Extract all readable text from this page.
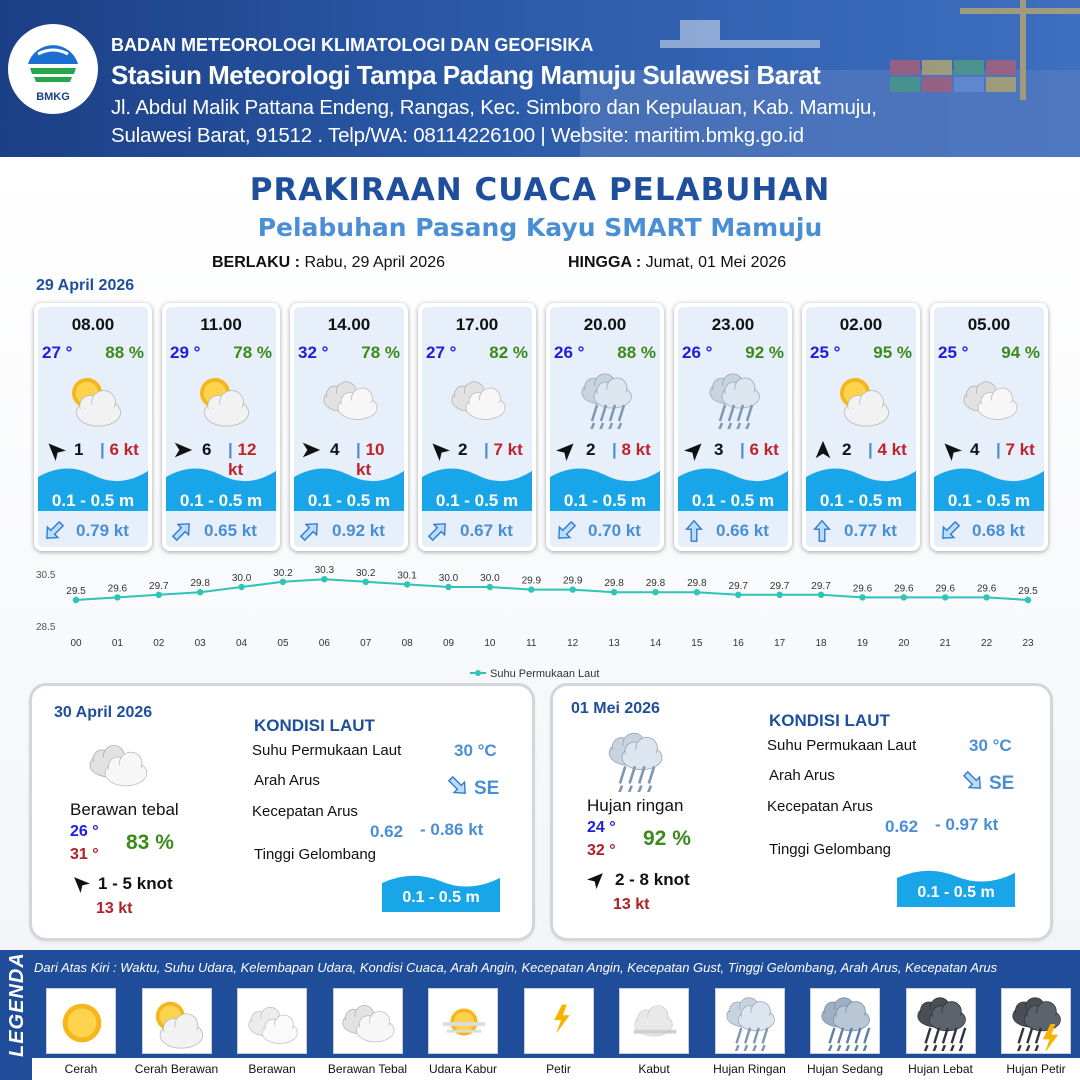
BMKG
BADAN METEOROLOGI KLIMATOLOGI DAN GEOFISIKA
Stasiun Meteorologi Tampa Padang Mamuju Sulawesi Barat
Jl. Abdul Malik Pattana Endeng, Rangas, Kec. Simboro dan Kepulauan, Kab. Mamuju,
Sulawesi Barat, 91512 . Telp/WA: 08114226100 | Website: maritim.bmkg.go.id
PRAKIRAAN CUACA PELABUHAN
Pelabuhan Pasang Kayu SMART Mamuju
BERLAKU : Rabu, 29 April 2026	HINGGA : Jumat, 01 Mei 2026
29 April 2026
08.00
27 ° 88 %
1 | 6 kt
0.1 - 0.5 m
0.79 kt
11.00
29 ° 78 %
6 | 12 kt
0.1 - 0.5 m
0.65 kt
14.00
32 ° 78 %
4 | 10 kt
0.1 - 0.5 m
0.92 kt
17.00
27 ° 82 %
2 | 7 kt
0.1 - 0.5 m
0.67 kt
20.00
26 ° 88 %
2 | 8 kt
0.1 - 0.5 m
0.70 kt
23.00
26 ° 92 %
3 | 6 kt
0.1 - 0.5 m
0.66 kt
02.00
25 ° 95 %
2 | 4 kt
0.1 - 0.5 m
0.77 kt
05.00
25 ° 94 %
4 | 7 kt
0.1 - 0.5 m
0.68 kt
30.5
28.5
29.5
00
29.6
01
29.7
02
29.8
03
30.0
04
30.2
05
30.3
06
30.2
07
30.1
08
30.0
09
30.0
10
29.9
11
29.9
12
29.8
13
29.8
14
29.8
15
29.7
16
29.7
17
29.7
18
29.6
19
29.6
20
29.6
21
29.6
22
29.5
23
Suhu Permukaan Laut
30 April 2026
Berawan tebal
26 °
31 °
83 %
1 - 5 knot
13 kt
KONDISI LAUT
Suhu Permukaan Laut	30 °C
Arah Arus	SE
Kecepatan Arus
0.62 - 0.86 kt
Tinggi Gelombang
0.1 - 0.5 m
01 Mei 2026
Hujan ringan
24 °
32 °
92 %
2 - 8 knot
13 kt
KONDISI LAUT
Suhu Permukaan Laut	30 °C
Arah Arus	SE
Kecepatan Arus
0.62 - 0.97 kt
Tinggi Gelombang
0.1 - 0.5 m
LEGENDA Dari Atas Kiri : Waktu, Suhu Udara, Kelembapan Udara, Kondisi Cuaca, Arah Angin, Kecepatan Angin, Kecepatan Gust, Tinggi Gelombang, Arah Arus, Kecepatan Arus
Cerah	Cerah Berawan	Berawan	Berawan Tebal	Udara Kabur	Petir	Kabut	Hujan Ringan	Hujan Sedang	Hujan Lebat	Hujan Petir
